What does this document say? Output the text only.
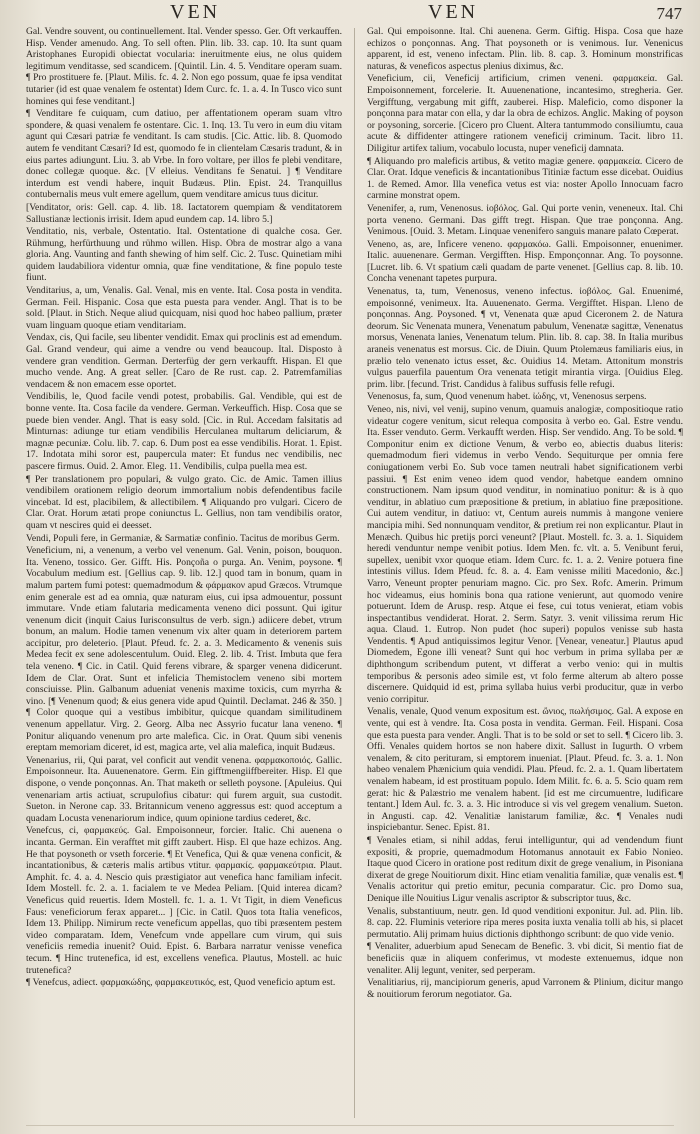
VEN	VEN	747

Gal. Vendre souvent, ou continuellement. Ital. Vender spesso. Ger. Oft verkauffen. Hisp. Vender amenudo. Ang. To sell often. Plin. lib. 33. cap. 10. Ita sunt quam Aristophanes Europidi obiectat vocularia: ineruitmente eius, ne olus quidem legitimum venditasse, sed scandicem. [Quintil. Lin. 4. 5. Venditare operam suam. ¶ Pro prostituere fe. [Plaut. Milis. fc. 4. 2. Non ego possum, quae fe ipsa venditat tutarier (id est quae venalem fe ostentat) Idem Curc. fc. 1. a. 4. In Tusco vico sunt homines qui fese venditant.]

¶ Venditare fe cuiquam, cum datiuo, per affentationem operam suam vltro spondere, & quasi venalem fe ostentare. Cic. 1. Inq. 13. Tu vero in eum diu vitam agunt qui Cæsari patriæ fe venditant. Is cam studis. [Cic. Attic. lib. 8. Quomodo autem fe venditant Cæsari? Id est, quomodo fe in clientelam Cæsaris tradunt, & in eius partes adiungunt. Liu. 3. ab Vrbe. In foro voltare, per illos fe plebi venditare, donec collegæ quoque. &c. [V elleius. Venditans fe Senatui. ] ¶ Venditare interdum est vendi habere, inquit Budæus. Plin. Epist. 24. Tranquillus contubernalis meus vult emere agellum, quem venditare amicus tuus dicitur.

[Venditator, oris: Gell. cap. 4. lib. 18. Iactatorem quempiam & venditatorem Sallustianæ lectionis irrisit. Idem apud eundem cap. 14. libro 5.]

Venditatio, nis, verbale, Ostentatio. Ital. Ostentatione di qualche cosa. Ger. Rühmung, herfürthuung und rühmo willen. Hisp. Obra de mostrar algo a vana gloria. Ang. Vaunting and fanth shewing of him self. Cic. 2. Tusc. Quinetiam mihi quidem laudabiliora videntur omnia, quæ fine venditatione, & fine populo teste fiunt.

Venditarius, a, um, Venalis. Gal. Venal, mis en vente. Ital. Cosa posta in vendita. German. Feil. Hispanic. Cosa que esta puesta para vender. Angl. That is to be sold. [Plaut. in Stich. Neque aliud quicquam, nisi quod hoc habeo pallium, præter vuam linguam quoque etiam venditariam.

Vendax, cis, Qui facile, seu libenter vendidit. Emax qui proclinis est ad emendum. Gal. Grand vendeur, qui aime a vendre ou vend beaucoup. Ital. Disposto à vendere gran vendition. German. Derterfüg der gern verkaufft. Hispan. El que mucho vende. Ang. A great seller. [Caro de Re rust. cap. 2. Patremfamilias vendacem & non emacem esse oportet.

Vendibilis, le, Quod facile vendi potest, probabilis. Gal. Vendible, qui est de bonne vente. Ita. Cosa facile da vendere. German. Verkeuffich. Hisp. Cosa que se puede bien vender. Angl. That is easy sold. [Cic. in Rul. Accedam falsitatis ad Minturnas: adiunge tur etiam vendibilis Herculanea multarum deliciarum, & magnæ pecuniæ. Colu. lib. 7. cap. 6. Dum post ea esse vendibilis. Horat. 1. Epist. 17. Indotata mihi soror est, paupercula mater: Et fundus nec vendibilis, nec pascere firmus. Ouid. 2. Amor. Eleg. 11. Vendibilis, culpa puella mea est.

¶ Per translationem pro populari, & vulgo grato. Cic. de Amic. Tamen illius vendibilem orationem religio deorum immortalium nobis defendentibus facile vincebat. Id est, placibilem, & allectibilem. ¶ Aliquando pro vulgari. Cicero de Clar. Orat. Horum ætati prope coniunctus L. Gellius, non tam vendibilis orator, quam vt nescires quid ei deesset.

Vendi, Populi fere, in Germaniæ, & Sarmatiæ confinio. Tacitus de moribus Germ.

Veneficium, ni, a venenum, a verbo vel venenum. Gal. Venin, poison, bouquon. Ita. Veneno, tossico. Ger. Gifft. His. Ponçoña o purga. An. Venim, poysone. ¶ Vocabulum medium est. [Gellius cap. 9. lib. 12.] quod tam in bonum, quam in malum partem fumi potest: quemadmodum & φάρμακον apud Græcos. Vtrumque enim generale est ad ea omnia, quæ naturam eius, cui ipsa admouentur, possunt immutare. Vnde etiam falutaria medicamenta veneno dici possunt. Qui igitur venenum dicit (inquit Caius Iurisconsultus de verb. sign.) adiicere debet, vtrum bonum, an malum. Hodie tamen venenum vix alter quam in deteriorem partem accipitur, pro deleterio. [Plaut. Pfeud. fc. 2. a. 3. Medicamento & venenis suis Medea fecit ex sene adolescentulum. Ouid. Eleg. 2. lib. 4. Trist. Imbuta que fera tela veneno. ¶ Cic. in Catil. Quid ferens vibrare, & sparger venena didicerunt. Idem de Clar. Orat. Sunt et infelicia Themistoclem veneno sibi mortem consciuisse. Plin. Galbanum adueniat venenis maxime toxicis, cum myrrha & vino. [¶ Venenum quod; & eius genera vide apud Quintil. Declamat. 246 & 350. ] ¶ Color quoque qui a vestibus imbibitur, quicque quandam similitudinem venenum appellatur. Virg. 2. Georg. Alba nec Assyrio fucatur lana veneno. ¶ Ponitur aliquando venenum pro arte malefica. Cic. in Orat. Quum sibi venenis ereptam memoriam diceret, id est, magica arte, vel alia malefica, inquit Budæus.

Venenarius, rii, Qui parat, vel conficit aut vendit venena. φαρμακοποιός. Gallic. Empoisonneur. Ita. Auuenenatore. Germ. Ein gifftmengiiffbereiter. Hisp. El que dispone, o vende ponçonnas. An. That maketh or selleth poysone. [Apuleius. Qui venenariam artis actiuat, scrupulofius cibatur: qui furem arguit, sua custodit. Sueton. in Nerone cap. 33. Britannicum veneno aggressus est: quod acceptum a quadam Locusta venenariorum indice, quum opinione tardius cederet, &c.

Venefcus, ci, φαρμακεύς. Gal. Empoisonneur, forcier. Italic. Chi auenena o incanta. German. Ein verafftet mit gifft zaubert. Hisp. El que haze echizos. Ang. He that poysoneth or vseth forcerie. ¶ Et Venefica, Qui & quæ venena conficit, & incantationibus, & cæteris malis artibus vtitur. φαρμακίς. φαρμακεύτρια. Plaut. Amphit. fc. 4. a. 4. Nescio quis præstigiator aut venefica hanc familiam infecit. Idem Mostell. fc. 2. a. 1. facialem te ve Medea Peliam. [Quid interea dicam? Veneficus quid reuertis. Idem Mostell. fc. 1. a. 1. Vt Tigit, in diem Veneficus Faus: veneficiorum ferax apparet... ] [Cic. in Catil. Quos tota Italia veneficos, Idem 13. Philipp. Nimirum recte veneficum appellas, quo tibi præsentem pestem video comparatam. Idem, Venefcum vnde appellare cum virum, qui suis veneficiis remedia inuenit? Ouid. Epist. 6. Barbara narratur venisse venefica tecum. ¶ Hinc trutenefica, id est, excellens venefica. Plautus, Mostell. ac huic trutenefica?

¶ Venefcus, adiect. φαρμακώδης, φαρμακευτικός, est, Quod veneficio aptum est.

Gal. Qui empoisonne. Ital. Chi auenena. Germ. Giftig. Hispa. Cosa que haze echizos o ponçonnas. Ang. That poysoneth or is venimous. Iur. Venenicus apparent, id est, veneno infectam. Plin. lib. 8. cap. 3. Hominum monstrificas naturas, & veneficos aspectus plenius diximus, &c.

Veneficium, cii, Veneficij artificium, crimen veneni. φαρμακεία. Gal. Empoisonnement, forcelerie. It. Auuenenatione, incantesimo, stregheria. Ger. Vergifftung, vergabung mit gifft, zauberei. Hisp. Maleficio, como disponer la ponçonna para matar con ella, y dar la obra de echizos. Anglic. Making of poyson or poysoning, sorcerie. [Cicero pro Cluent. Altera tantummodo consiliumtu, caua acute & diffidenter attingere rationem veneficij criminum. Tacit. libro 11. Diligitur artifex talium, vocabulo locusta, nuper veneficij damnata.

¶ Aliquando pro maleficis artibus, & vetito magiæ genere. φαρμακεία. Cicero de Clar. Orat. Idque veneficis & incantationibus Titiniæ factum esse dicebat. Ouidius 1. de Remed. Amor. Illa venefica vetus est via: noster Apollo Innocuam facro carmine monstrat opem.

Venenifer, a, rum, Venenosus. ἰοβόλος. Gal. Qui porte venin, veneneux. Ital. Chi porta veneno. Germani. Das gifft tregt. Hispan. Que trae ponçonna. Ang. Venimous. [Ouid. 3. Metam. Linquae venenifero sanguis manare palato Cœperat.

Veneno, as, are, Inficere veneno. φαρμακόω. Galli. Empoisonner, enuenimer. Italic. auuenenare. German. Vergifften. Hisp. Emponçonnar. Ang. To poysonne. [Lucret. lib. 6. Vt spatium cæli quadam de parte venenet. [Gellius cap. 8. lib. 10. Concha venenant tapetes purpura.

Venenatus, ta, tum, Venenosus, veneno infectus. ἰοβόλος. Gal. Enuenimé, empoisonné, venimeux. Ita. Auuenenato. Germa. Vergifftet. Hispan. Lleno de ponçonnas. Ang. Poysoned. ¶ vt, Venenata quæ apud Ciceronem 2. de Natura deorum. Sic Venenata munera, Venenatum pabulum, Venenatæ sagittæ, Venenatus morsus, Venenata lanies, Venenatum telum. Plin. lib. 8. cap. 38. In Italia muribus araneis venenatus est morsus. Cic. de Diuin. Quum Ptolemæus familiaris eius, in prælio telo venenato ictus esset, &c. Ouidius 14. Metam. Attonitum monstris vulgus pauerfila pauentum Ora venenata tetigit mirantia virga. [Ouidius Eleg. prim. libr. [fecund. Trist. Candidus à falibus suffusis felle refugi.

Venenosus, fa, sum, Quod venenum habet. ἰώδης, vt, Venenosus serpens.

Veneo, nis, nivi, vel venij, supino venum, quamuis analogiæ, compositioque ratio videatur cogere venitum, sicut relequa composita à verbo eo. Gal. Estre vendu. Ita. Esser venduto. Germ. Verkaufft werden. Hisp. Ser vendido. Ang. To be sold. ¶ Componitur enim ex dictione Venum, & verbo eo, abiectis duabus literis: quemadmodum fieri videmus in verbo Vendo. Sequiturque per omnia fere coniugationem verbi Eo. Sub voce tamen neutrali habet significationem verbi passiui. ¶ Est enim veneo idem quod vendor, habetque eandem omnino constructionem. Nam ipsum quod venditur, in nominatiuo ponitur: & is à quo venditur, in ablatiuo cum præpositione & pretium, in ablatiuo fine præpositione. Cui autem venditur, in datiuo: vt, Centum aureis nummis à mangone veniere mancipia mihi. Sed nonnunquam venditor, & pretium rei non explicantur. Plaut in Menæch. Quibus hic pretijs porci veneunt? [Plaut. Mostell. fc. 3. a. 1. Siquidem heredi venduntur nempe venibit potius. Idem Men. fc. vlt. a. 5. Venibunt ferui, supellex, uenibit vxor quoque etiam. Idem Curc. fc. 1. a. 2. Venire potuera fine intestinis villus. Idem Pfeud. fc. 8. a. 4. Eam venisse militi Macedonio, &c.] Varro, Veneunt propter penuriam magno. Cic. pro Sex. Rofc. Amerin. Primum hoc videamus, eius hominis bona qua ratione venierunt, aut quomodo venire potuerunt. Idem de Arusp. resp. Atque ei fese, cui totus venierat, etiam vobis inspectantibus vendiderat. Horat. 2. Serm. Satyr. 3. venit vilissima rerum Hic aqua. Claud. 1. Eutrop. Non pudet (hoc superi) populos venisse sub hasta Vendentis. ¶ Apud antiquissimos legitur Venor. [Venear, veneatur.] Plautus apud Diomedem, Egone illi veneat? Sunt qui hoc verbum in prima syllaba per æ diphthongum scribendum putent, vt differat a verbo venio: qui in multis temporibus & personis adeo simile est, vt folo ferme alterum ab altero posse discernere. Quidquid id est, prima syllaba huius verbi producitur, quæ in verbo venio corripitur.

Venalis, venale, Quod venum expositum est. ὤνιος, πωλήσιμος. Gal. A expose en vente, qui est à vendre. Ita. Cosa posta in vendita. German. Feil. Hispani. Cosa que esta puesta para vender. Angli. That is to be sold or set to sell. ¶ Cicero lib. 3. Offi. Venales quidem hortos se non habere dixit. Sallust in Iugurth. O vrbem venalem, & cito perituram, si emptorem inueniat. [Plaut. Pfeud. fc. 3. a. 1. Non habeo venalem Phænicium quia vendidi. Plau. Pfeud. fc. 2. a. 1. Quam libertatem venalem habeam, id est prostituam populo. Idem Milit. fc. 6. a. 5. Scio quam rem gerat: hic & Palæstrio me venalem habent. [id est me circumuentre, ludificare tentant.] Idem Aul. fc. 3. a. 3. Hic introduce si vis vel gregem venalium. Sueton. in Angusti. cap. 42. Venalitiæ lanistarum familiæ, &c. ¶ Venales nudi inspiciebantur. Senec. Epist. 81.

¶ Venales etiam, si nihil addas, ferui intelliguntur, qui ad vendendum fiunt expositi, & proprie, quemadmodum Hotomanus annotauit ex Fabio Nonieo. Itaque quod Cicero in oratione post reditum dixit de grege venalium, in Pisoniana dixerat de grege Nouitiorum dixit. Hinc etiam venalitia familiæ, quæ venalis est. ¶ Venalis actoritur qui pretio emitur, pecunia comparatur. Cic. pro Domo sua, Denique ille Nouitius Ligur venalis ascriptor & subscriptor tuus, &c.

Venalis, substantiuum, neutr. gen. Id quod venditioni exponitur. Jul. ad. Plin. lib. 8. cap. 22. Fluminis veteriore ripa meres posita iuxta venalia tolli ab his, si placet permutatio. Alij primam huius dictionis diphthongo scribunt: de quo vide venio.

¶ Venaliter, aduerbium apud Senecam de Benefic. 3. vbi dicit, Si mentio fiat de beneficiis quæ in aliquem conferimus, vt modeste extenuemus, idque non venaliter. Alij legunt, veniter, sed perperam.

Venalitiarius, rij, mancipiorum generis, apud Varronem & Plinium, dicitur mango & nouitiorum ferorum negotiator. Ga.
